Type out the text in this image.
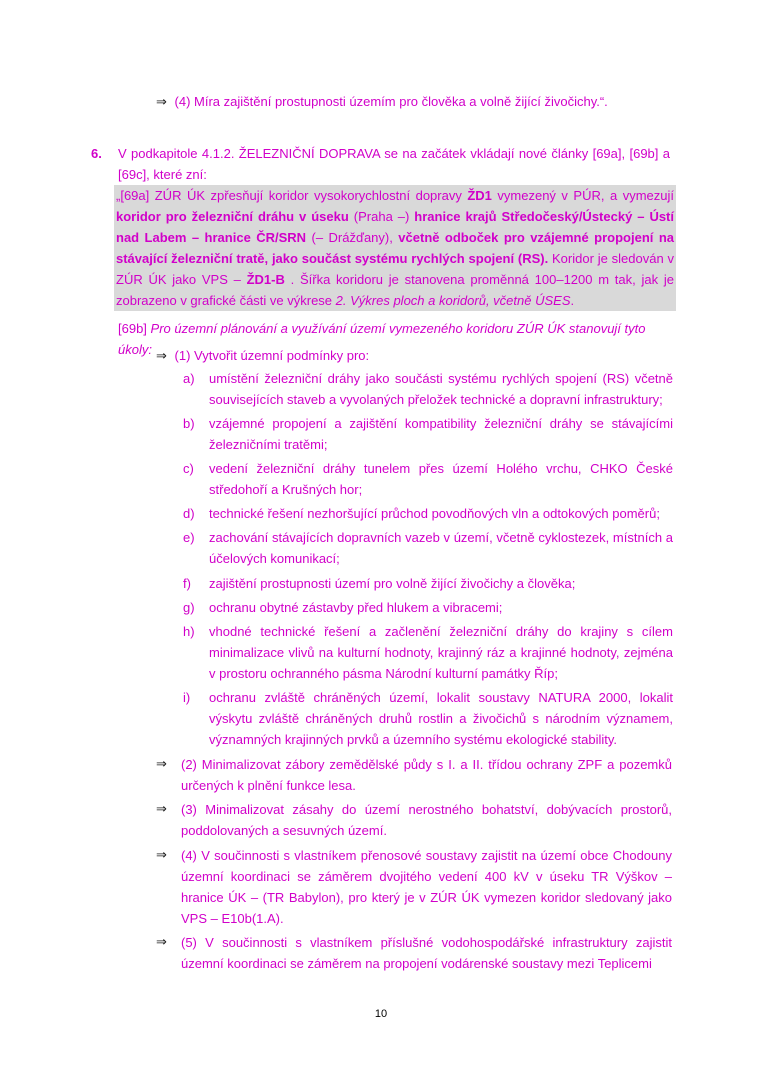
⇒ (4) Míra zajištění prostupnosti územím pro člověka a volně žijící živočichy.“.
6. V podkapitole 4.1.2. ŽELEZNIČNÍ DOPRAVA se na začátek vkládají nové články [69a], [69b] a [69c], které zní:
„[69a] ZÚR ÚK zpřesňují koridor vysokorychlostní dopravy ŽD1 vymezený v PÚR, a vymezují koridor pro železniční dráhu v úseku (Praha –) hranice krajů Středočeský/Ústecký – Ústí nad Labem – hranice ČR/SRN (– Drážďany), včetně odboček pro vzájemné propojení na stávající železniční tratě, jako součást systému rychlých spojení (RS). Koridor je sledován v ZÚR ÚK jako VPS – ŽD1-B . Šířka koridoru je stanovena proměnná 100–1200 m tak, jak je zobrazeno v grafické části ve výkrese 2. Výkres ploch a koridorů, včetně ÚSES.
[69b] Pro územní plánování a využívání území vymezeného koridoru ZÚR ÚK stanovují tyto úkoly: ⇒ (1) Vytvořit územní podmínky pro:
a)	umístění železniční dráhy jako součásti systému rychlých spojení (RS) včetně souvisejících staveb a vyvolaných přeložek technické a dopravní infrastruktury;
b)	vzájemné propojení a zajištění kompatibility železniční dráhy se stávajícími železničními tratěmi;
c)	vedení železniční dráhy tunelem přes území Holého vrchu, CHKO České středohoří a Krušných hor;
d)	technické řešení nezhoršující průchod povodňových vln a odtokových poměrů;
e)	zachování stávajících dopravních vazeb v území, včetně cyklostezek, místních a účelových komunikací;
f)	zajištění prostupnosti území pro volně žijící živočichy a člověka;
g)	ochranu obytné zástavby před hlukem a vibracemi;
h)	vhodné technické řešení a začlenění železniční dráhy do krajiny s cílem minimalizace vlivů na kulturní hodnoty, krajinný ráz a krajinné hodnoty, zejména v prostoru ochranného pásma Národní kulturní památky Říp;
i)	ochranu zvláště chráněných území, lokalit soustavy NATURA 2000, lokalit výskytu zvláště chráněných druhů rostlin a živočichů s národním významem, významných krajinných prvků a územního systému ekologické stability.
⇒ (2) Minimalizovat zábory zemědělské půdy s I. a II. třídou ochrany ZPF a pozemků určených k plnění funkce lesa.
⇒ (3) Minimalizovat zásahy do území nerostného bohatství, dobývacích prostorů, poddolovaných a sesuvných území.
⇒ (4) V součinnosti s vlastníkem přenosové soustavy zajistit na území obce Chodouny územní koordinaci se záměrem dvojitého vedení 400 kV v úseku TR Výškov – hranice ÚK – (TR Babylon), pro který je v ZÚR ÚK vymezen koridor sledovaný jako VPS – E10b(1.A).
⇒ (5) V součinnosti s vlastníkem příslušné vodohospodářské infrastruktury zajistit územní koordinaci se záměrem na propojení vodárenské soustavy mezi Teplicemi
10
